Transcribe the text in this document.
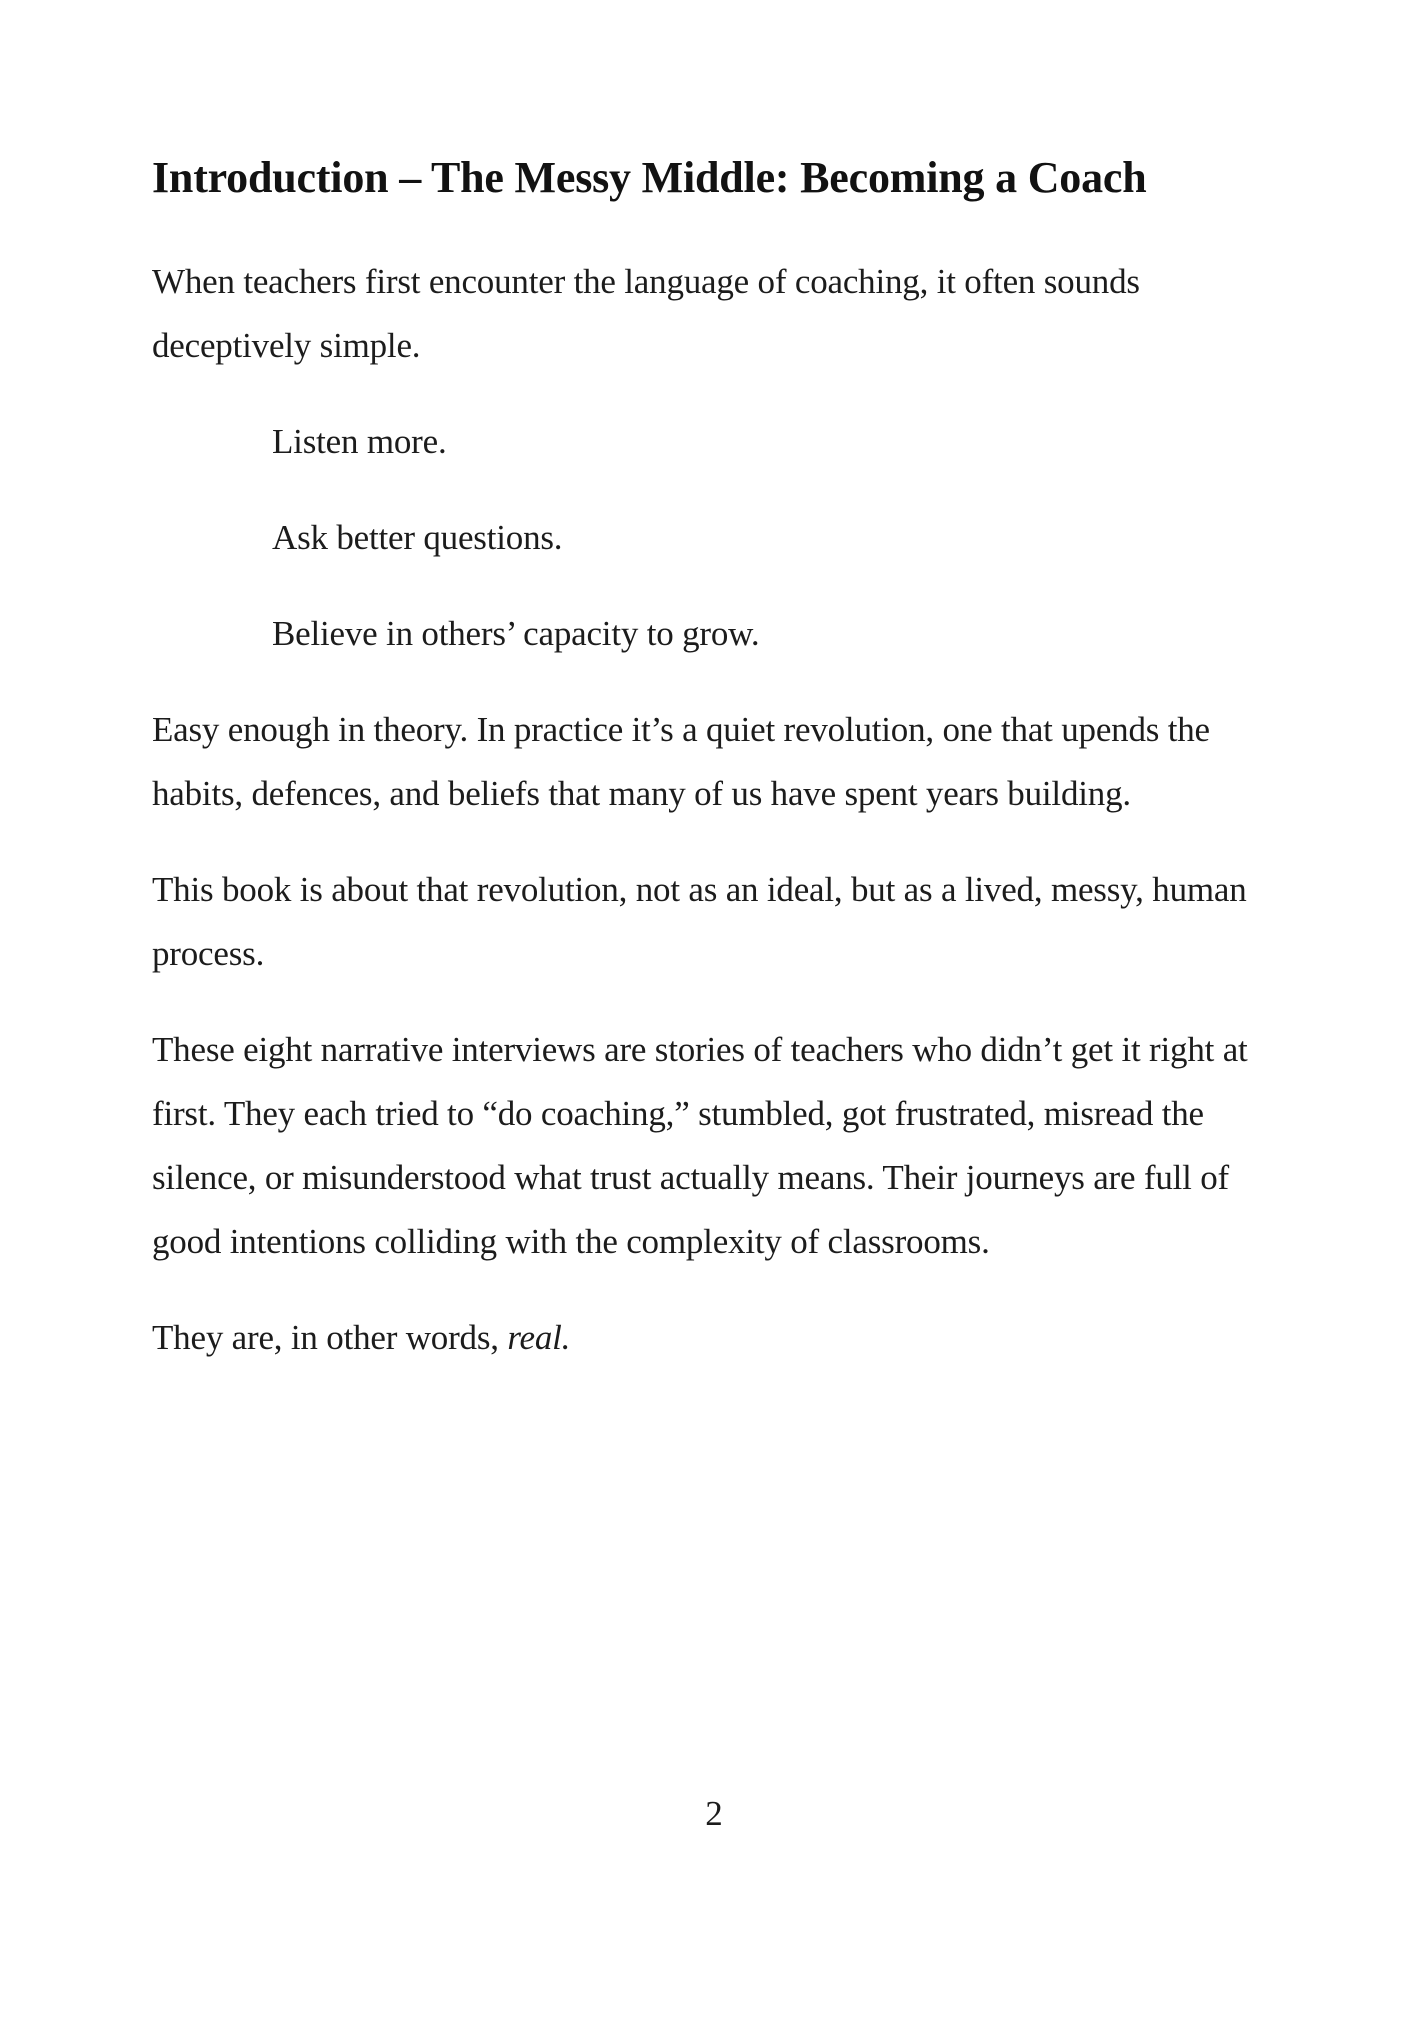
Introduction – The Messy Middle: Becoming a Coach

When teachers first encounter the language of coaching, it often sounds deceptively simple.

Listen more.

Ask better questions.

Believe in others’ capacity to grow.

Easy enough in theory. In practice it’s a quiet revolution, one that upends the habits, defences, and beliefs that many of us have spent years building.

This book is about that revolution, not as an ideal, but as a lived, messy, human process.

These eight narrative interviews are stories of teachers who didn’t get it right at first. They each tried to “do coaching,” stumbled, got frustrated, misread the silence, or misunderstood what trust actually means. Their journeys are full of good intentions colliding with the complexity of classrooms.

They are, in other words, real.

2
